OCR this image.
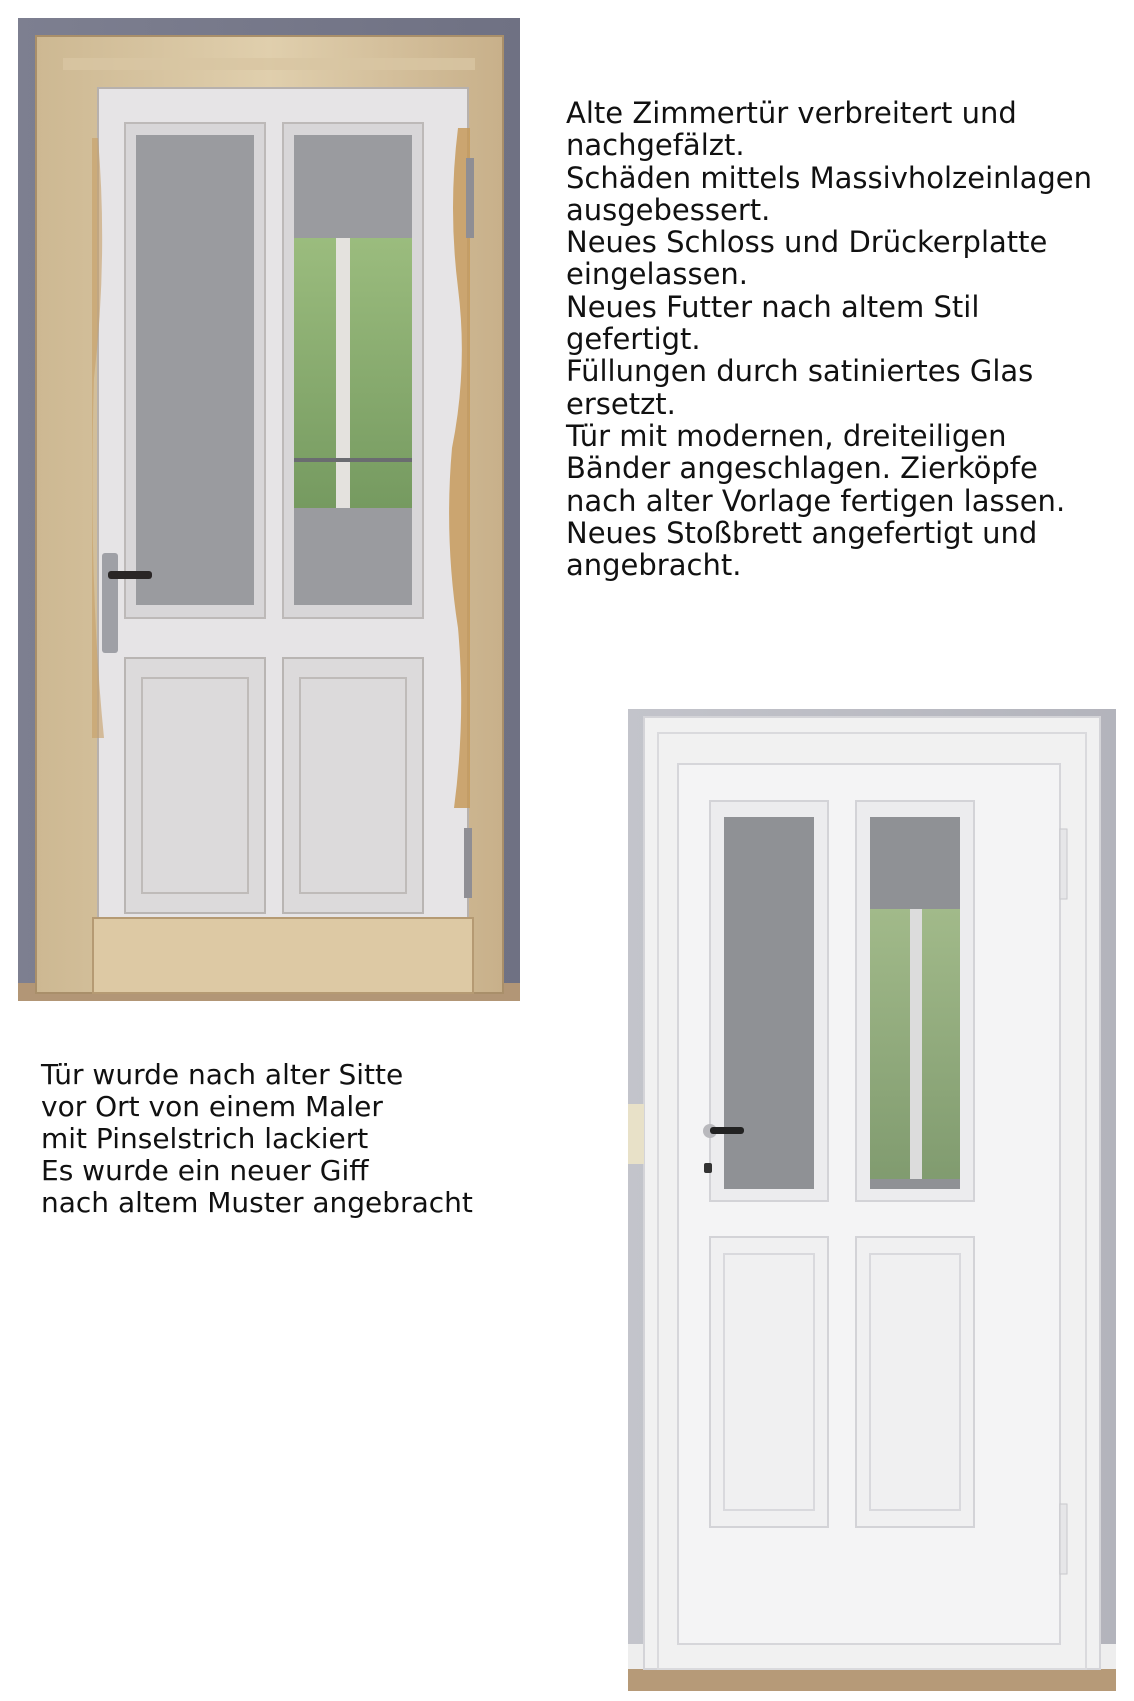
Alte Zimmertür verbreitert und
nachgefälzt.
Schäden mittels Massivholzeinlagen
ausgebessert.
Neues Schloss und Drückerplatte
eingelassen.
Neues Futter nach altem Stil
gefertigt.
Füllungen durch satiniertes Glas
ersetzt.
Tür mit modernen, dreiteiligen
Bänder angeschlagen. Zierköpfe
nach alter Vorlage fertigen lassen.
Neues Stoßbrett angefertigt und
angebracht.
Tür wurde nach alter Sitte
vor Ort von einem Maler
mit Pinselstrich lackiert
Es wurde ein neuer Giff
nach altem Muster angebracht
